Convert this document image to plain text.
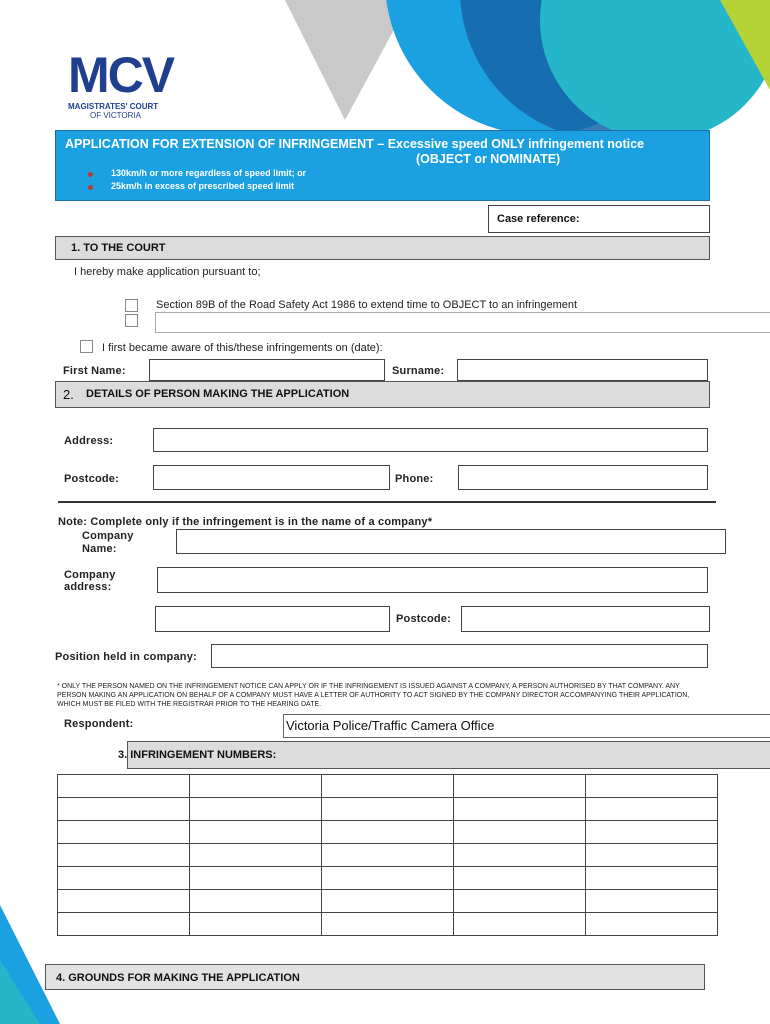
MCV
MAGISTRATES' COURT
OF VICTORIA
APPLICATION FOR EXTENSION OF INFRINGEMENT – Excessive speed ONLY infringement notice
(OBJECT or NOMINATE)
130km/h or more regardless of speed limit; or
25km/h in excess of prescribed speed limit
Case reference:
1. TO THE COURT
I hereby make application pursuant to;
Section 89B of the Road Safety Act 1986 to extend time to OBJECT to an infringement
I first became aware of this/these infringements on (date):
First Name:	Surname:
2. DETAILS OF PERSON MAKING THE APPLICATION
Address:
Postcode:	Phone:
Note: Complete only if the infringement is in the name of a company*
Company
Name:
Company
address:
Postcode:
Position held in company:
* ONLY THE PERSON NAMED ON THE INFRINGEMENT NOTICE CAN APPLY OR IF THE INFRINGEMENT IS ISSUED AGAINST A COMPANY, A PERSON AUTHORISED BY THAT COMPANY. ANY PERSON MAKING AN APPLICATION ON BEHALF OF A COMPANY MUST HAVE A LETTER OF AUTHORITY TO ACT SIGNED BY THE COMPANY DIRECTOR ACCOMPANYING THEIR APPLICATION, WHICH MUST BE FILED WITH THE REGISTRAR PRIOR TO THE HEARING DATE.
Respondent:	Victoria Police/Traffic Camera Office
3. INFRINGEMENT NUMBERS:

4. GROUNDS FOR MAKING THE APPLICATION
